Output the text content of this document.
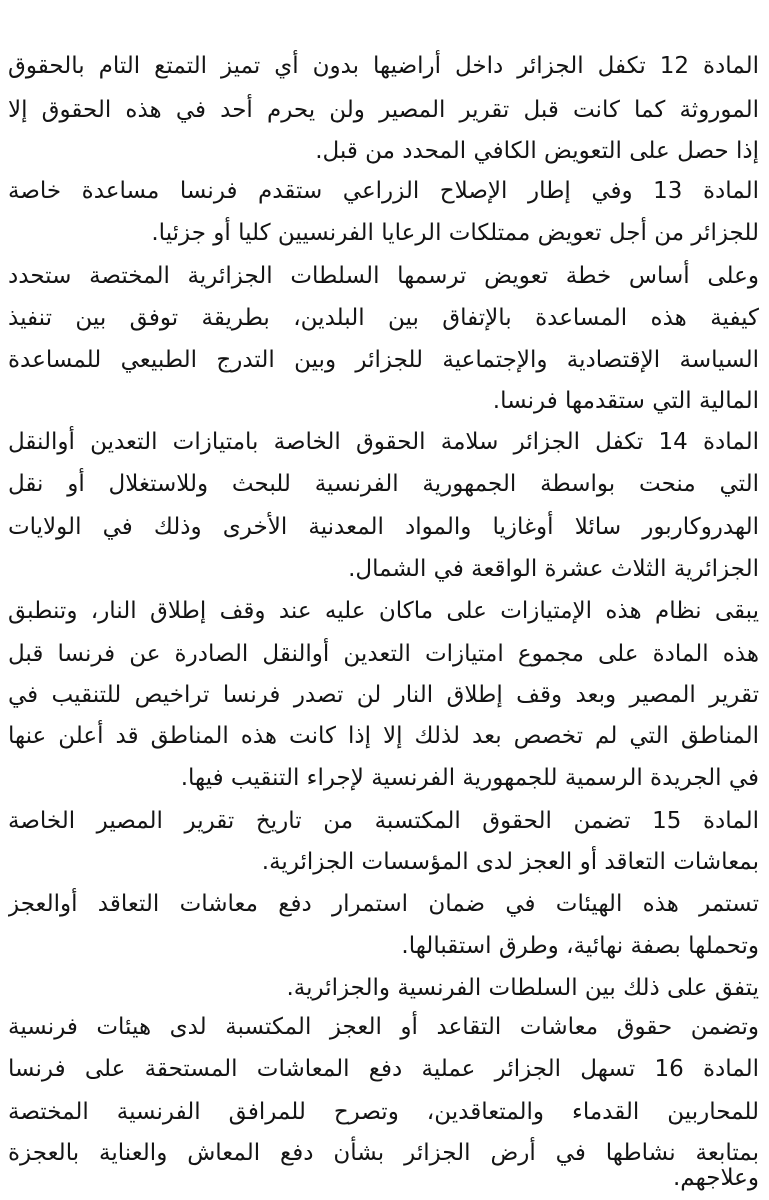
المادة 12 تكفل الجزائر داخل أراضيها بدون أي تميز التمتع التام بالحقوق
الموروثة كما كانت قبل تقرير المصير ولن يحرم أحد في هذه الحقوق إلا
إذا حصل على التعويض الكافي المحدد من قبل.
المادة 13 وفي إطار الإصلاح الزراعي ستقدم فرنسا مساعدة خاصة
للجزائر من أجل تعويض ممتلكات الرعايا الفرنسيين كليا أو جزئيا.
وعلى أساس خطة تعويض ترسمها السلطات الجزائرية المختصة ستحدد
كيفية هذه المساعدة بالإتفاق بين البلدين، بطريقة توفق بين تنفيذ
السياسة الإقتصادية والإجتماعية للجزائر وبين التدرج الطبيعي للمساعدة
المالية التي ستقدمها فرنسا.
المادة 14 تكفل الجزائر سلامة الحقوق الخاصة بامتيازات التعدين أوالنقل
التي منحت بواسطة الجمهورية الفرنسية للبحث وللاستغلال أو نقل
الهدروكاربور سائلا أوغازيا والمواد المعدنية الأخرى وذلك في الولايات
الجزائرية الثلاث عشرة الواقعة في الشمال.
يبقى نظام هذه الإمتيازات على ماكان عليه عند وقف إطلاق النار، وتنطبق
هذه المادة على مجموع امتيازات التعدين أوالنقل الصادرة عن فرنسا قبل
تقرير المصير وبعد وقف إطلاق النار لن تصدر فرنسا تراخيص للتنقيب في
المناطق التي لم تخصص بعد لذلك إلا إذا كانت هذه المناطق قد أعلن عنها
في الجريدة الرسمية للجمهورية الفرنسية لإجراء التنقيب فيها.
المادة 15 تضمن الحقوق المكتسبة من تاريخ تقرير المصير الخاصة
بمعاشات التعاقد أو العجز لدى المؤسسات الجزائرية.
تستمر هذه الهيئات في ضمان استمرار دفع معاشات التعاقد أوالعجز
وتحملها بصفة نهائية، وطرق استقبالها.
يتفق على ذلك بين السلطات الفرنسية والجزائرية.
وتضمن حقوق معاشات التقاعد أو العجز المكتسبة لدى هيئات فرنسية
المادة 16 تسهل الجزائر عملية دفع المعاشات المستحقة على فرنسا
للمحاربين القدماء والمتعاقدين، وتصرح للمرافق الفرنسية المختصة
بمتابعة نشاطها في أرض الجزائر بشأن دفع المعاش والعناية بالعجزة
وعلاجهم.
